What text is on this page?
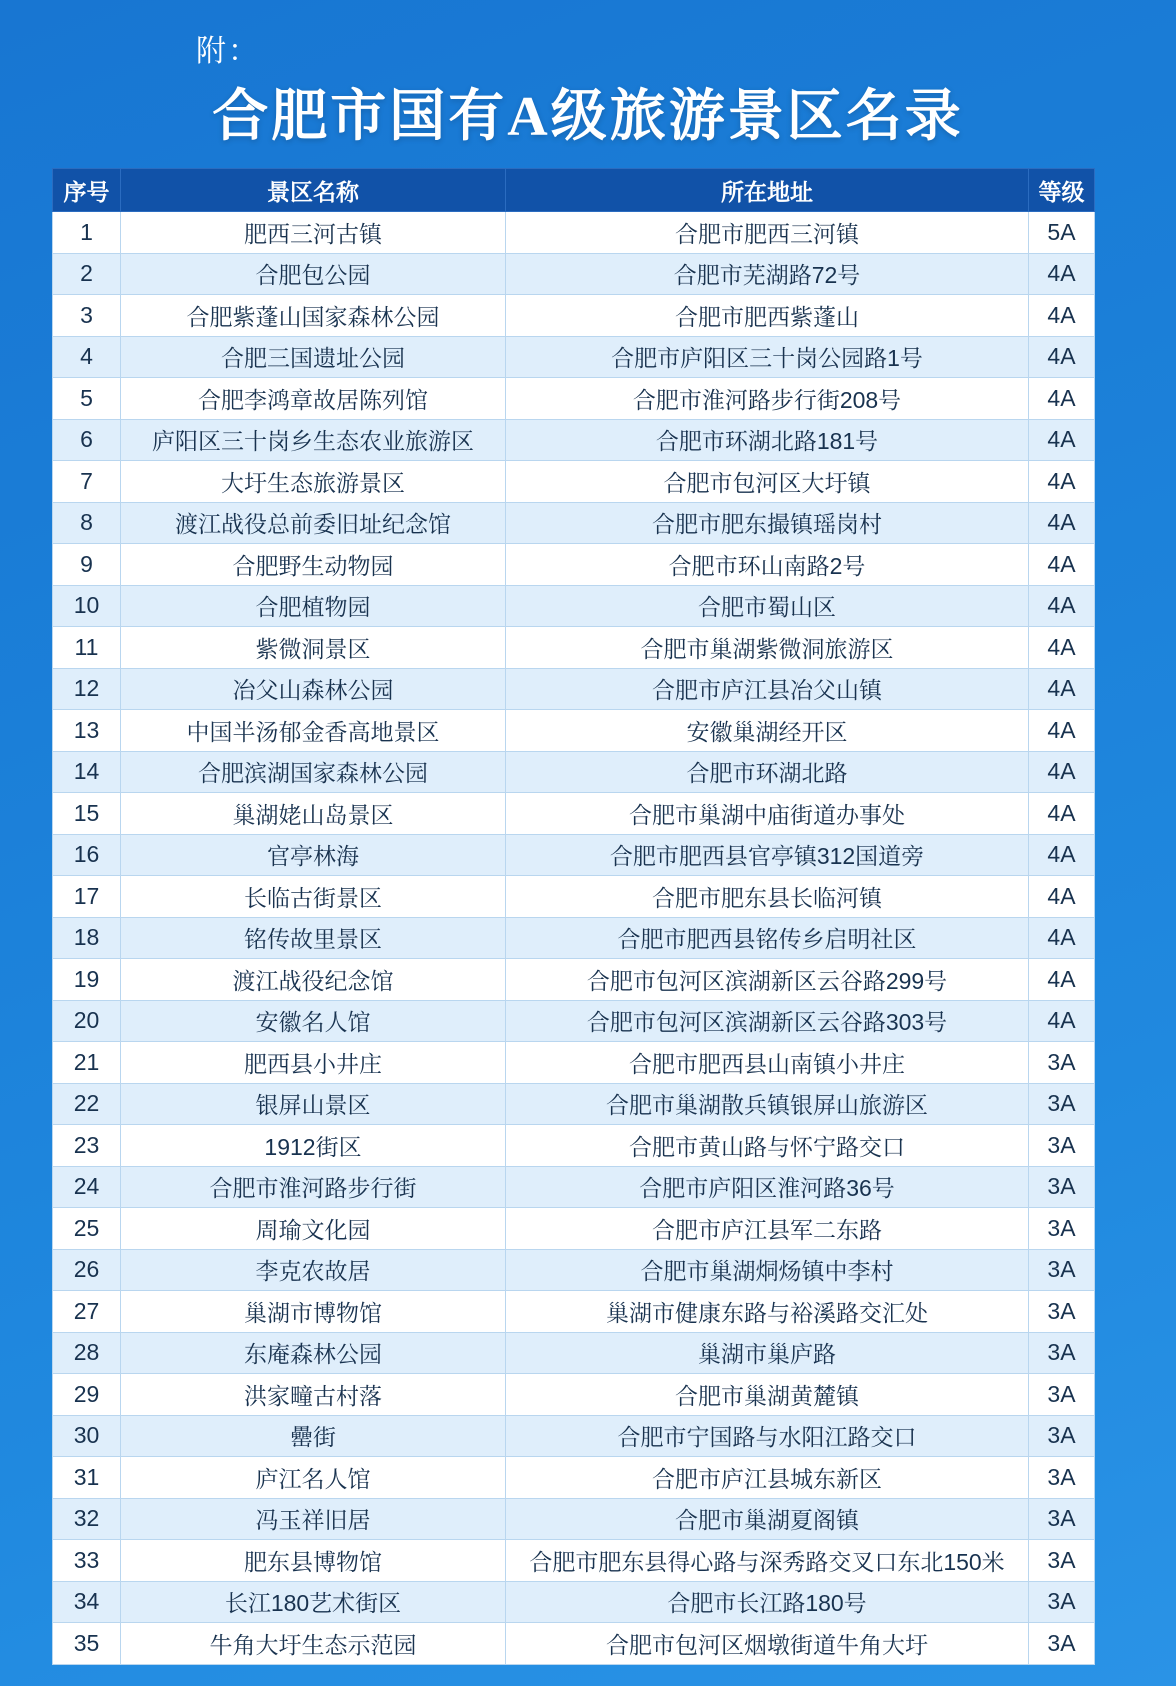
附：
合肥市国有A级旅游景区名录
序号	景区名称	所在地址	等级
1	肥西三河古镇	合肥市肥西三河镇	5A
2	合肥包公园	合肥市芜湖路72号	4A
3	合肥紫蓬山国家森林公园	合肥市肥西紫蓬山	4A
4	合肥三国遗址公园	合肥市庐阳区三十岗公园路1号	4A
5	合肥李鸿章故居陈列馆	合肥市淮河路步行街208号	4A
6	庐阳区三十岗乡生态农业旅游区	合肥市环湖北路181号	4A
7	大圩生态旅游景区	合肥市包河区大圩镇	4A
8	渡江战役总前委旧址纪念馆	合肥市肥东撮镇瑶岗村	4A
9	合肥野生动物园	合肥市环山南路2号	4A
10	合肥植物园	合肥市蜀山区	4A
11	紫微洞景区	合肥市巢湖紫微洞旅游区	4A
12	冶父山森林公园	合肥市庐江县冶父山镇	4A
13	中国半汤郁金香高地景区	安徽巢湖经开区	4A
14	合肥滨湖国家森林公园	合肥市环湖北路	4A
15	巢湖姥山岛景区	合肥市巢湖中庙街道办事处	4A
16	官亭林海	合肥市肥西县官亭镇312国道旁	4A
17	长临古街景区	合肥市肥东县长临河镇	4A
18	铭传故里景区	合肥市肥西县铭传乡启明社区	4A
19	渡江战役纪念馆	合肥市包河区滨湖新区云谷路299号	4A
20	安徽名人馆	合肥市包河区滨湖新区云谷路303号	4A
21	肥西县小井庄	合肥市肥西县山南镇小井庄	3A
22	银屏山景区	合肥市巢湖散兵镇银屏山旅游区	3A
23	1912街区	合肥市黄山路与怀宁路交口	3A
24	合肥市淮河路步行街	合肥市庐阳区淮河路36号	3A
25	周瑜文化园	合肥市庐江县军二东路	3A
26	李克农故居	合肥市巢湖烔炀镇中李村	3A
27	巢湖市博物馆	巢湖市健康东路与裕溪路交汇处	3A
28	东庵森林公园	巢湖市巢庐路	3A
29	洪家疃古村落	合肥市巢湖黄麓镇	3A
30	罍街	合肥市宁国路与水阳江路交口	3A
31	庐江名人馆	合肥市庐江县城东新区	3A
32	冯玉祥旧居	合肥市巢湖夏阁镇	3A
33	肥东县博物馆	合肥市肥东县得心路与深秀路交叉口东北150米	3A
34	长江180艺术街区	合肥市长江路180号	3A
35	牛角大圩生态示范园	合肥市包河区烟墩街道牛角大圩	3A
